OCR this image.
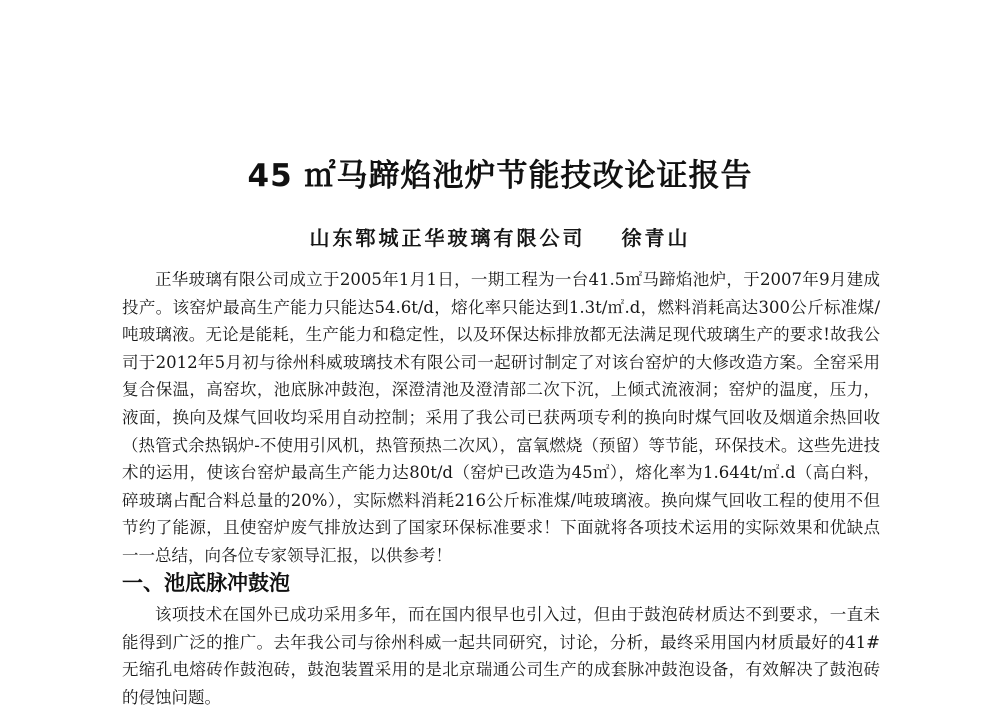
45 ㎡马蹄焰池炉节能技改论证报告
山东郓城正华玻璃有限公司 徐青山
正华玻璃有限公司成立于2005年1月1日，一期工程为一台41.5㎡马蹄焰池炉，于2007年9月建成投产。该窑炉最高生产能力只能达54.6t/d，熔化率只能达到1.3t/㎡.d，燃料消耗高达300公斤标准煤/吨玻璃液。无论是能耗，生产能力和稳定性，以及环保达标排放都无法满足现代玻璃生产的要求!故我公司于2012年5月初与徐州科威玻璃技术有限公司一起研讨制定了对该台窑炉的大修改造方案。全窑采用复合保温，高窑坎，池底脉冲鼓泡，深澄清池及澄清部二次下沉，上倾式流液洞；窑炉的温度，压力，液面，换向及煤气回收均采用自动控制；采用了我公司已获两项专利的换向时煤气回收及烟道余热回收（热管式余热锅炉-不使用引风机，热管预热二次风），富氧燃烧（预留）等节能，环保技术。这些先进技术的运用，使该台窑炉最高生产能力达80t/d（窑炉已改造为45㎡），熔化率为1.644t/㎡.d（高白料，碎玻璃占配合料总量的20%），实际燃料消耗216公斤标准煤/吨玻璃液。换向煤气回收工程的使用不但节约了能源，且使窑炉废气排放达到了国家环保标准要求！下面就将各项技术运用的实际效果和优缺点一一总结，向各位专家领导汇报，以供参考！
一、池底脉冲鼓泡
该项技术在国外已成功采用多年，而在国内很早也引入过，但由于鼓泡砖材质达不到要求，一直未能得到广泛的推广。去年我公司与徐州科威一起共同研究，讨论，分析，最终采用国内材质最好的41#无缩孔电熔砖作鼓泡砖，鼓泡装置采用的是北京瑞通公司生产的成套脉冲鼓泡设备，有效解决了鼓泡砖的侵蚀问题。
